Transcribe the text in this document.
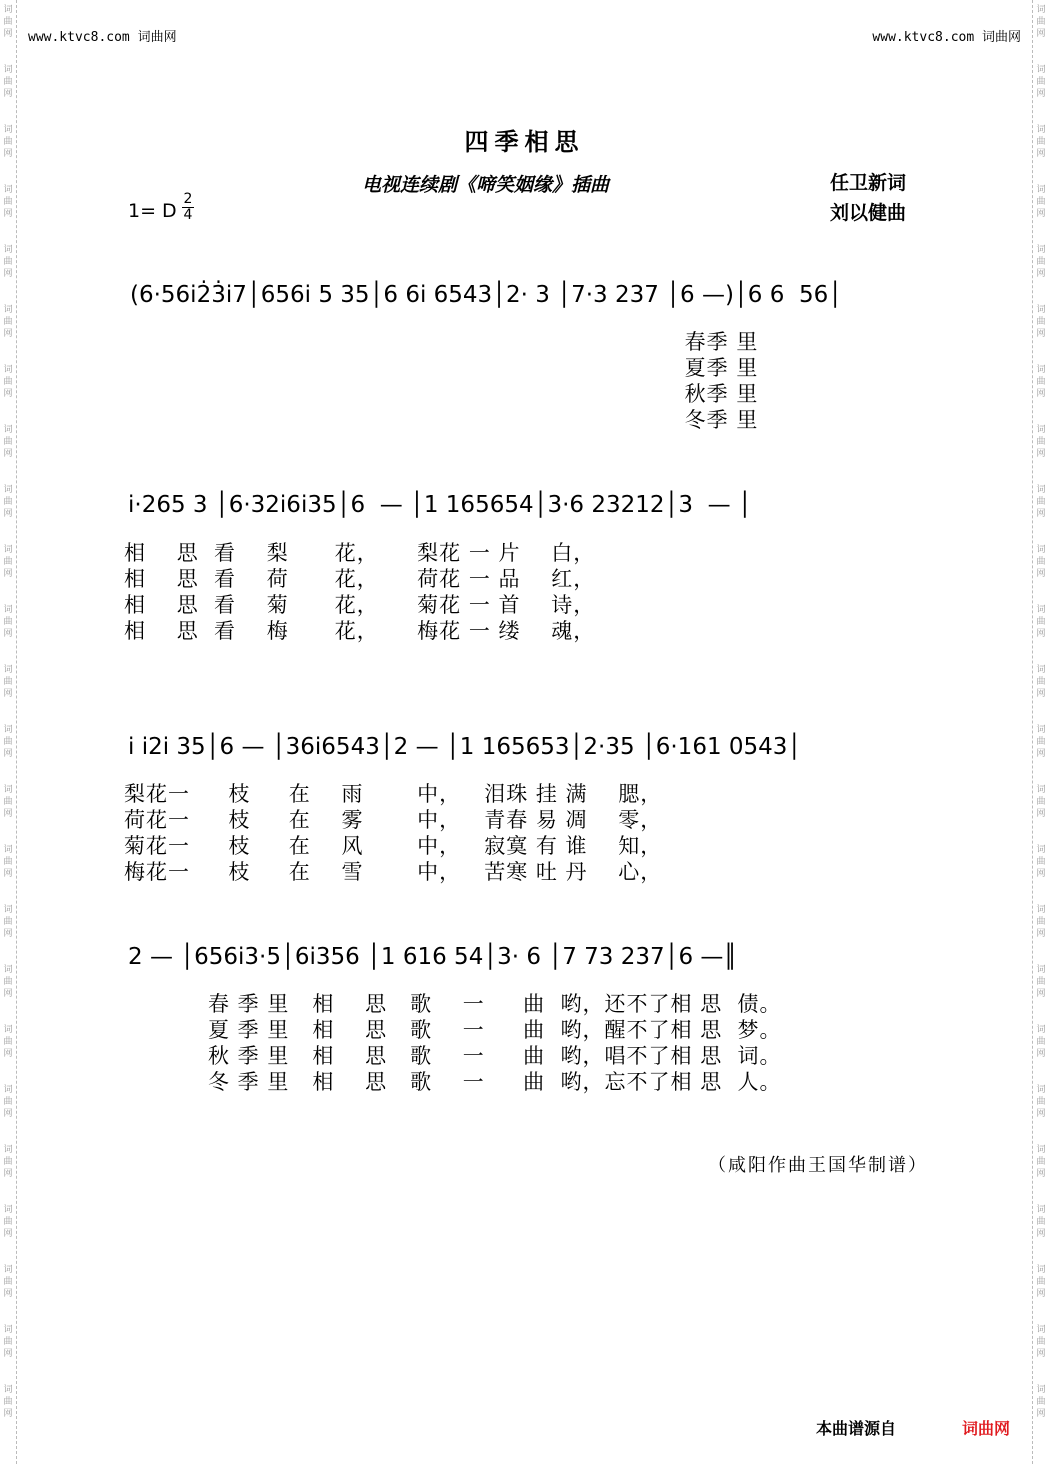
词
曲
网
词
曲
网
词
曲
网
词
曲
网
词
曲
网
词
曲
网
词
曲
网
词
曲
网
词
曲
网
词
曲
网
词
曲
网
词
曲
网
词
曲
网
词
曲
网
词
曲
网
词
曲
网
词
曲
网
词
曲
网
词
曲
网
词
曲
网
词
曲
网
词
曲
网
词
曲
网
词
曲
网
词
曲
网
词
曲
网
词
曲
网
词
曲
网
词
曲
网
词
曲
网
词
曲
网
词
曲
网
词
曲
网
词
曲
网
词
曲
网
词
曲
网
词
曲
网
词
曲
网
词
曲
网
词
曲
网
词
曲
网
词
曲
网
词
曲
网
词
曲
网
词
曲
网
词
曲
网
词
曲
网
词
曲
网
www.ktvc8.com 词曲网	www.ktvc8.com 词曲网
四季相思
电视连续剧《啼笑姻缘》插曲	任卫新词
刘以健曲
1= D
2
4
(6·56i2̇3̇i7│656i 5 35│6 6i 6543│2· 3 │7·3 237 │6 —)│6 6  56│
春季 里
夏季 里
秋季 里
冬季 里
i·265 3 │6·32i6i35│6  — │1 165654│3·6 23212│3  — │
相    思  看    梨      花，     梨花 一 片    白，
相    思  看    荷      花，     荷花 一 品    红，
相    思  看    菊      花，     菊花 一 首    诗，
相    思  看    梅      花，     梅花 一 缕    魂，
i i2i 35│6 — │36i6543│2 — │1 165653│2·35 │6·161 0543│
梨花一     枝     在    雨       中，   泪珠 挂 满    腮，
荷花一     枝     在    雾       中，   青春 易 凋    零，
菊花一     枝     在    风       中，   寂寞 有 谁    知，
梅花一     枝     在    雪       中，   苦寒 吐 丹    心，
2 — │656i3·5│6i356 │1 616 54│3· 6 │7 73 237│6 —║
春 季 里   相    思   歌    一     曲  哟，还不了相 思  债。
夏 季 里   相    思   歌    一     曲  哟，醒不了相 思  梦。
秋 季 里   相    思   歌    一     曲  哟，唱不了相 思  词。
冬 季 里   相    思   歌    一     曲  哟，忘不了相 思  人。
（咸阳作曲王国华制谱）
本曲谱源自	词曲网
